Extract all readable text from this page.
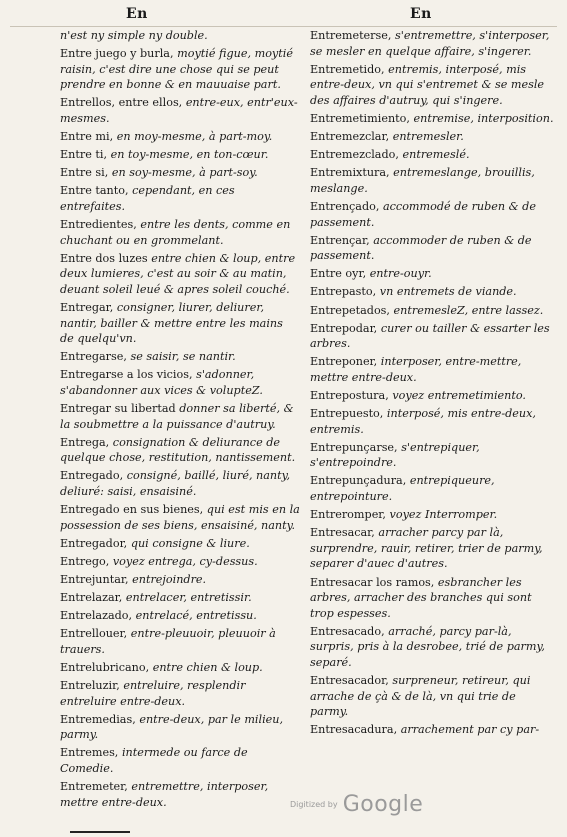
En	En

n'est ny simple ny double.

Entre juego y burla, moytié figue, moytié raisin, c'est dire une chose qui se peut prendre en bonne & en mauuaise part.

Entrellos, entre ellos, entre-eux, entr'eux-mesmes.

Entre mi, en moy-mesme, à part-moy.

Entre ti, en toy-mesme, en ton-cœur.

Entre si, en soy-mesme, à part-soy.

Entre tanto, cependant, en ces entrefaites.

Entredientes, entre les dents, comme en chuchant ou en grommelant.

Entre dos luzes entre chien & loup, entre deux lumieres, c'est au soir & au matin, deuant soleil leué & apres soleil couché.

Entregar, consigner, liurer, deliurer, nantir, bailler & mettre entre les mains de quelqu'vn.

Entregarse, se saisir, se nantir.

Entregarse a los vicios, s'adonner, s'abandonner aux vices & volupteZ.

Entregar su libertad donner sa liberté, & la soubmettre a la puissance d'autruy.

Entrega, consignation & deliurance de quelque chose, restitution, nantissement.

Entregado, consigné, baillé, liuré, nanty, deliuré: saisi, ensaisiné.

Entregado en sus bienes, qui est mis en la possession de ses biens, ensaisiné, nanty.

Entregador, qui consigne & liure.

Entrego, voyez entrega, cy-dessus.

Entrejuntar, entrejoindre.

Entrelazar, entrelacer, entretissir.

Entrelazado, entrelacé, entretissu.

Entrellouer, entre-pleuuoir, pleuuoir à trauers.

Entrelubricano, entre chien & loup.

Entreluzir, entreluire, resplendir entreluire entre-deux.

Entremedias, entre-deux, par le milieu, parmy.

Entremes, intermede ou farce de Comedie.

Entremeter, entremettre, interposer, mettre entre-deux.

Entremeterse, s'entremettre, s'interposer, se mesler en quelque affaire, s'ingerer.

Entremetido, entremis, interposé, mis entre-deux, vn qui s'entremet & se mesle des affaires d'autruy, qui s'ingere.

Entremetimiento, entremise, interposition.

Entremezclar, entremesler.

Entremezclado, entremeslé.

Entremixtura, entremeslange, brouillis, meslange.

Entrençado, accommodé de ruben & de passement.

Entrençar, accommoder de ruben & de passement.

Entre oyr, entre-ouyr.

Entrepasto, vn entremets de viande.

Entrepetados, entremesleZ, entre lassez.

Entrepodar, curer ou tailler & essarter les arbres.

Entreponer, interposer, entre-mettre, mettre entre-deux.

Entrepostura, voyez entremetimiento.

Entrepuesto, interposé, mis entre-deux, entremis.

Entrepunçarse, s'entrepiquer, s'entrepoindre.

Entrepunçadura, entrepiqueure, entrepointure.

Entreromper, voyez Interromper.

Entresacar, arracher parcy par là, surprendre, rauir, retirer, trier de parmy, separer d'auec d'autres.

Entresacar los ramos, esbrancher les arbres, arracher des branches qui sont trop espesses.

Entresacado, arraché, parcy par-là, surpris, pris à la desrobee, trié de parmy, separé.

Entresacador, surpreneur, retireur, qui arrache de çà & de là, vn qui trie de parmy.

Entresacadura, arrachement par cy par-

Digitized by Google
